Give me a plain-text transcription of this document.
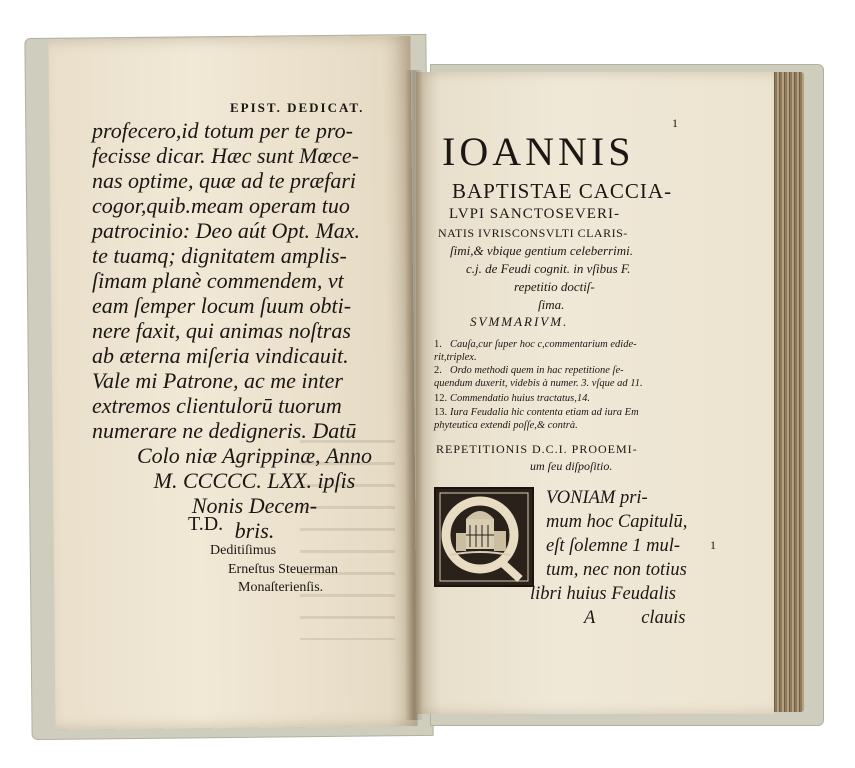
EPIST. DEDICAT.
profecero,id totum per te pro-
fecisse dicar. Hæc sunt Mœce-
nas optime, quæ ad te præfari
cogor,quib.meam operam tuo
patrocinio: Deo aút Opt. Max.
te tuamq; dignitatem amplis-
ſimam planè commendem, vt
eam ſemper locum ſuum obti-
nere faxit, qui animas noſtras
ab æterna miſeria vindicauit.
Vale mi Patrone, ac me inter
extremos clientulorū tuorum
numerare ne dedigneris. Datū
Colo niæ Agrippinæ, Anno
M. CCCCC. LXX. ipſis
Nonis Decem-
bris.
T.D.
Deditiſimus
Erneſtus Steuerman
Monaſterienſis.
1
IOANNIS
BAPTISTAE CACCIA-
LVPI SANCTOSEVERI-
NATIS IVRISCONSVLTI CLARIS-
ſimi,& vbique gentium celeberrimi.
c.j. de Feudi cognit. in vſibus F.
repetitio doctiſ-
ſima.
SVMMARIVM.
1. Cauſa,cur ſuper hoc c,commentarium edide-
rit,triplex.
2. Ordo methodi quem in hac repetitione ſe-
quendum duxerit, videbis à numer. 3. vſque ad 11.
12. Commendatio huius tractatus,14.
13. Iura Feudalia hic contenta etiam ad iura Em
phyteutica extendi poſſe,& contrà.
REPETITIONIS D.C.I. PROOEMI-
um ſeu diſpoſitio.
VONIAM pri-
mum hoc Capitulū,
eſt ſolemne 1 mul-
tum, nec non totius
libri huius Feudalis
A          clauis
1
